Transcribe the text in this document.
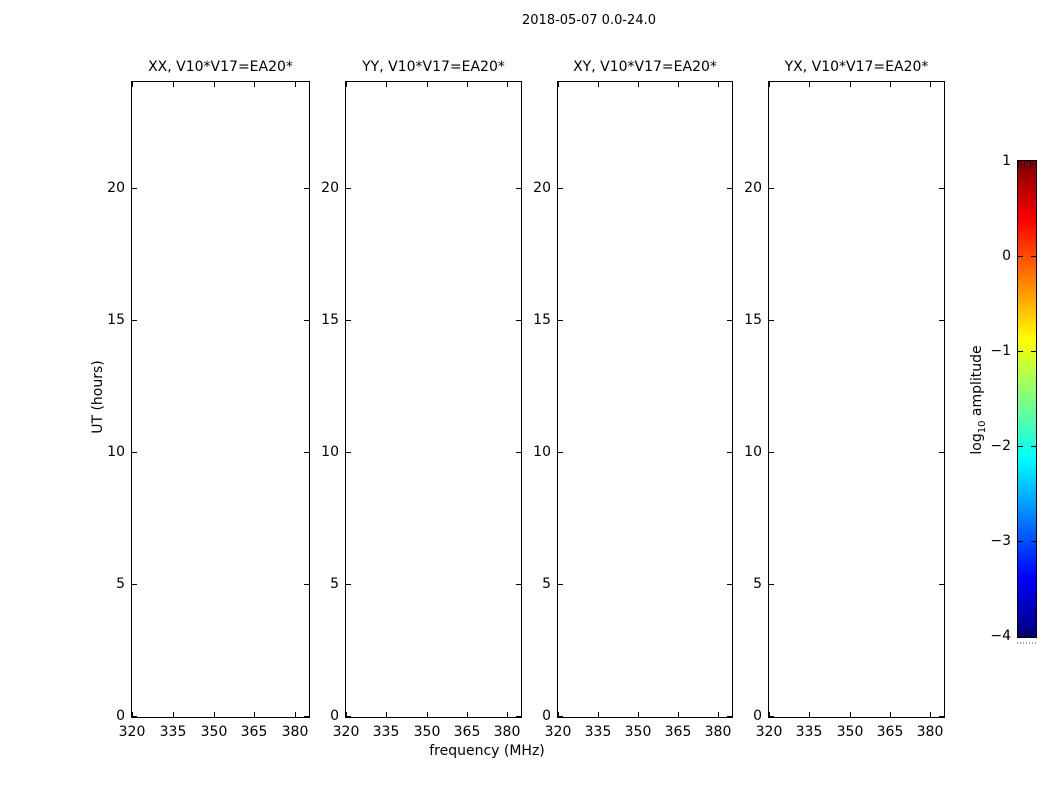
2018-05-07 0.0-24.0
XX, V10*V17=EA20*
320	335	350 365	380
0
5
10
15
20
YY, V10*V17=EA20*
320 335	350 365 380
0
5
10
15
20
XY, V10*V17=EA20*
320 335 350 365 380
0
5
10
15
20
YX, V10*V17=EA20*
320 335	350 365 380
0
5
10
15
20
1
0
−1
−2
−3
−4
frequency (MHz)
UT (hours)
$\log_{10}$ amplitude
